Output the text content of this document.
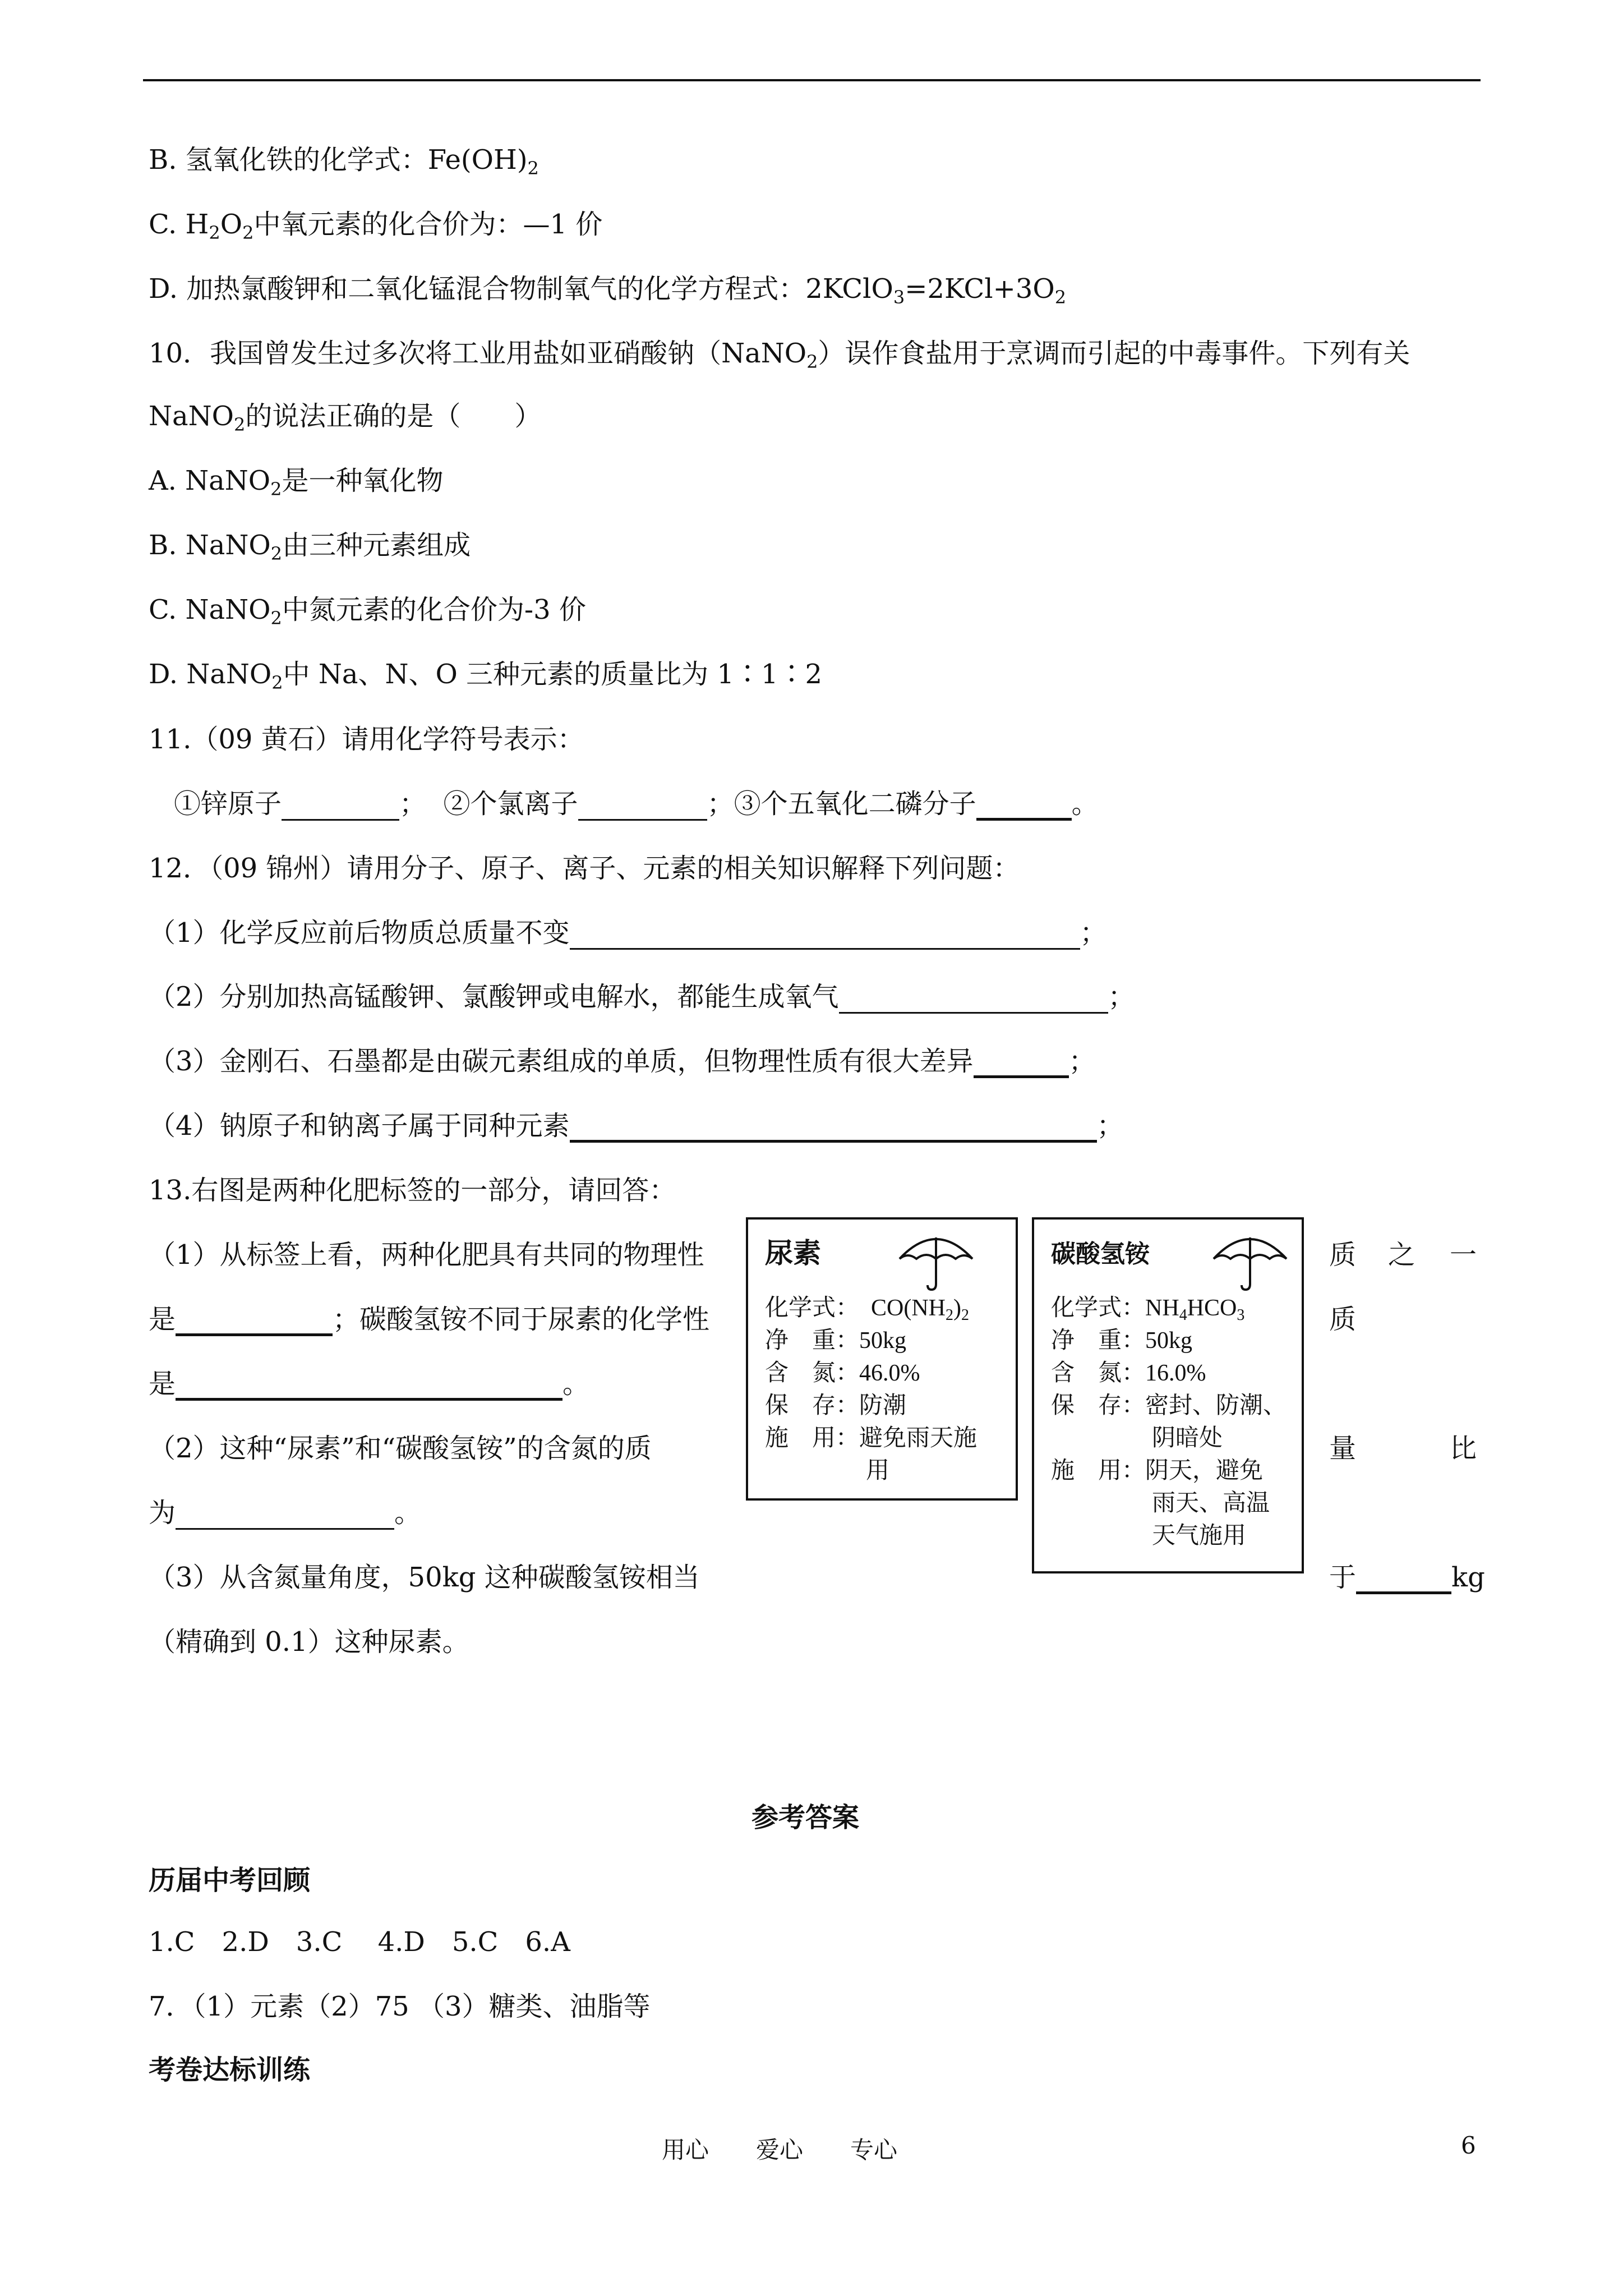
B. 氢氧化铁的化学式：$Fe(OH)_2$
C. $H_2O_2$中氧元素的化合价为：—1 价
D. 加热氯酸钾和二氧化锰混合物制氧气的化学方程式：$2KClO_3=2KCl+3O_2$
10．我国曾发生过多次将工业用盐如亚硝酸钠（NaNO$_2$）误作食盐用于烹调而引起的中毒事件。下列有关
NaNO$_2$的说法正确的是（　　）
A. NaNO$_2$是一种氧化物
B. NaNO$_2$由三种元素组成
C. NaNO$_2$中氮元素的化合价为-3 价
D. NaNO$_2$中 Na、N、O 三种元素的质量比为 1∶1∶2
11.（09 黄石）请用化学符号表示：
①锌原子	； ②个氯离子	；③个五氧化二磷分子	。
12．（09 锦州）请用分子、原子、离子、元素的相关知识解释下列问题：
（1）化学反应前后物质总质量不变	；
（2）分别加热高锰酸钾、氯酸钾或电解水，都能生成氧气	；
（3）金刚石、石墨都是由碳元素组成的单质，但物理性质有很大差异	；
（4）钠原子和钠离子属于同种元素	；
13.右图是两种化肥标签的一部分，请回答：
（1）从标签上看，两种化肥具有共同的物理性
是	；碳酸氢铵不同于尿素的化学性
是	。
（2）这种“尿素”和“碳酸氢铵”的含氮的质
为	。
（3）从含氮量角度，50kg 这种碳酸氢铵相当
（精确到 0.1）这种尿素。
质 之 一
质
量	比
于	kg
尿素
化学式： $CO(NH_2)_2$
净　重：50kg
含　氮：46.0%
保　存：防潮
施　用：避免雨天施
用
碳酸氢铵
化学式：$NH_4HCO_3$
净　重：50kg
含　氮：16.0%
保　存：密封、防潮、
阴暗处
施　用：阴天，避免
雨天、高温
天气施用
参考答案
历届中考回顾
1.C　2.D　3.C　 4.D　5.C　6.A
7．（1）元素（2）75 （3）糖类、油脂等
考卷达标训练
用心　　爱心　　专心	6
